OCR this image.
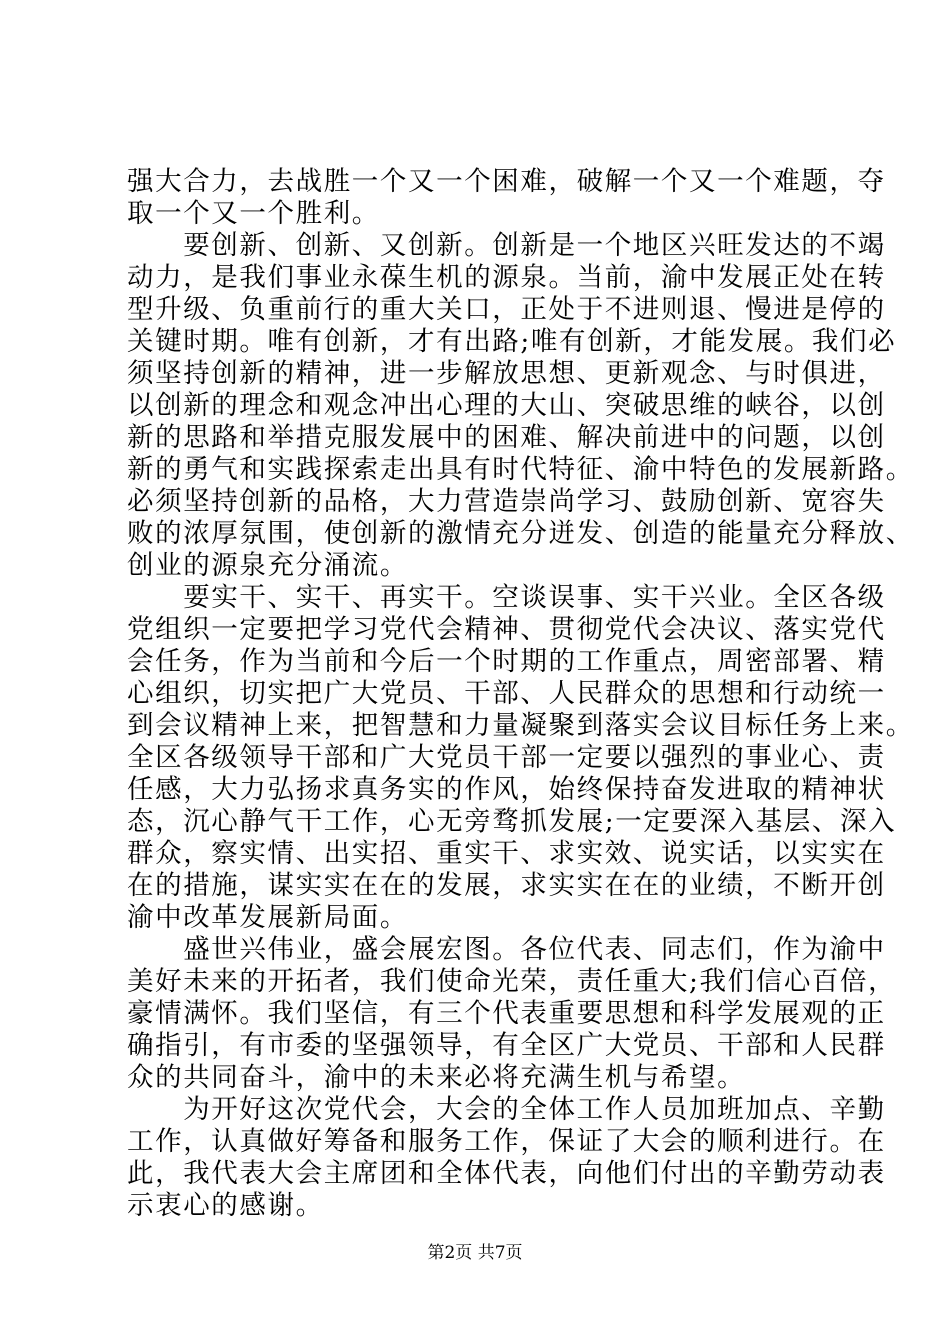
强大合力，去战胜一个又一个困难，破解一个又一个难题，夺
取一个又一个胜利。
　　要创新、创新、又创新。创新是一个地区兴旺发达的不竭
动力，是我们事业永葆生机的源泉。当前，渝中发展正处在转
型升级、负重前行的重大关口，正处于不进则退、慢进是停的
关键时期。唯有创新，才有出路;唯有创新，才能发展。我们必
须坚持创新的精神，进一步解放思想、更新观念、与时俱进，
以创新的理念和观念冲出心理的大山、突破思维的峡谷，以创
新的思路和举措克服发展中的困难、解决前进中的问题，以创
新的勇气和实践探索走出具有时代特征、渝中特色的发展新路。
必须坚持创新的品格，大力营造崇尚学习、鼓励创新、宽容失
败的浓厚氛围，使创新的激情充分迸发、创造的能量充分释放、
创业的源泉充分涌流。
　　要实干、实干、再实干。空谈误事、实干兴业。全区各级
党组织一定要把学习党代会精神、贯彻党代会决议、落实党代
会任务，作为当前和今后一个时期的工作重点，周密部署、精
心组织，切实把广大党员、干部、人民群众的思想和行动统一
到会议精神上来，把智慧和力量凝聚到落实会议目标任务上来。
全区各级领导干部和广大党员干部一定要以强烈的事业心、责
任感，大力弘扬求真务实的作风，始终保持奋发进取的精神状
态，沉心静气干工作，心无旁骛抓发展;一定要深入基层、深入
群众，察实情、出实招、重实干、求实效、说实话，以实实在
在的措施，谋实实在在的发展，求实实在在的业绩，不断开创
渝中改革发展新局面。
　　盛世兴伟业，盛会展宏图。各位代表、同志们，作为渝中
美好未来的开拓者，我们使命光荣，责任重大;我们信心百倍，
豪情满怀。我们坚信，有三个代表重要思想和科学发展观的正
确指引，有市委的坚强领导，有全区广大党员、干部和人民群
众的共同奋斗，渝中的未来必将充满生机与希望。
　　为开好这次党代会，大会的全体工作人员加班加点、辛勤
工作，认真做好筹备和服务工作，保证了大会的顺利进行。在
此，我代表大会主席团和全体代表，向他们付出的辛勤劳动表
示衷心的感谢。
第2页 共7页
